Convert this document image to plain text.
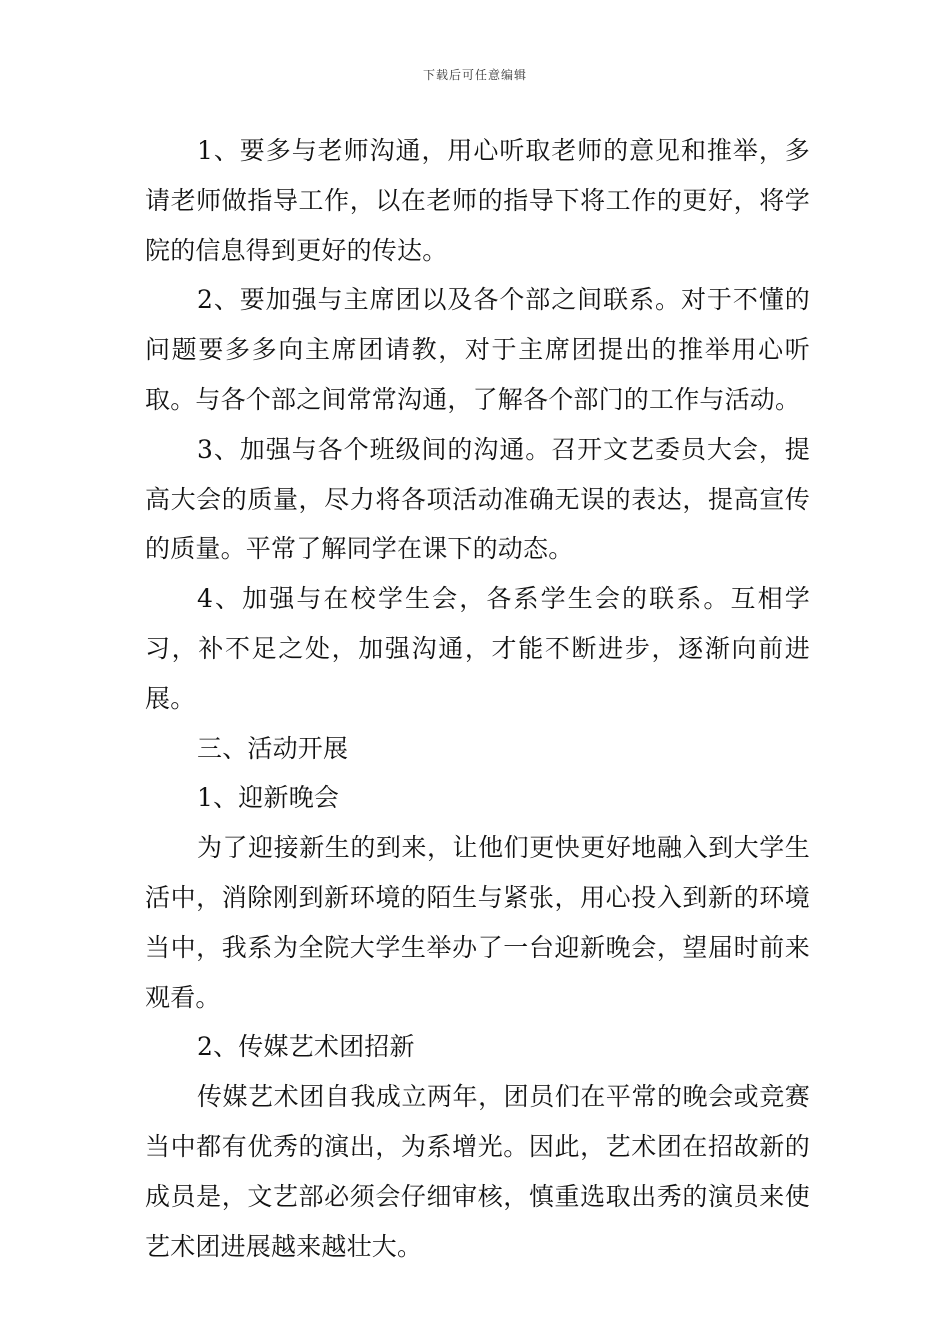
下载后可任意编辑

1、要多与老师沟通，用心听取老师的意见和推举，多请老师做指导工作，以在老师的指导下将工作的更好，将学院的信息得到更好的传达。

2、要加强与主席团以及各个部之间联系。对于不懂的问题要多多向主席团请教，对于主席团提出的推举用心听取。与各个部之间常常沟通，了解各个部门的工作与活动。

3、加强与各个班级间的沟通。召开文艺委员大会，提高大会的质量，尽力将各项活动准确无误的表达，提高宣传的质量。平常了解同学在课下的动态。

4、加强与在校学生会，各系学生会的联系。互相学习，补不足之处，加强沟通，才能不断进步，逐渐向前进展。

三、活动开展

1、迎新晚会

为了迎接新生的到来，让他们更快更好地融入到大学生活中，消除刚到新环境的陌生与紧张，用心投入到新的环境当中，我系为全院大学生举办了一台迎新晚会，望届时前来观看。

2、传媒艺术团招新

传媒艺术团自我成立两年，团员们在平常的晚会或竞赛当中都有优秀的演出，为系增光。因此，艺术团在招故新的成员是，文艺部必须会仔细审核，慎重选取出秀的演员来使艺术团进展越来越壮大。
